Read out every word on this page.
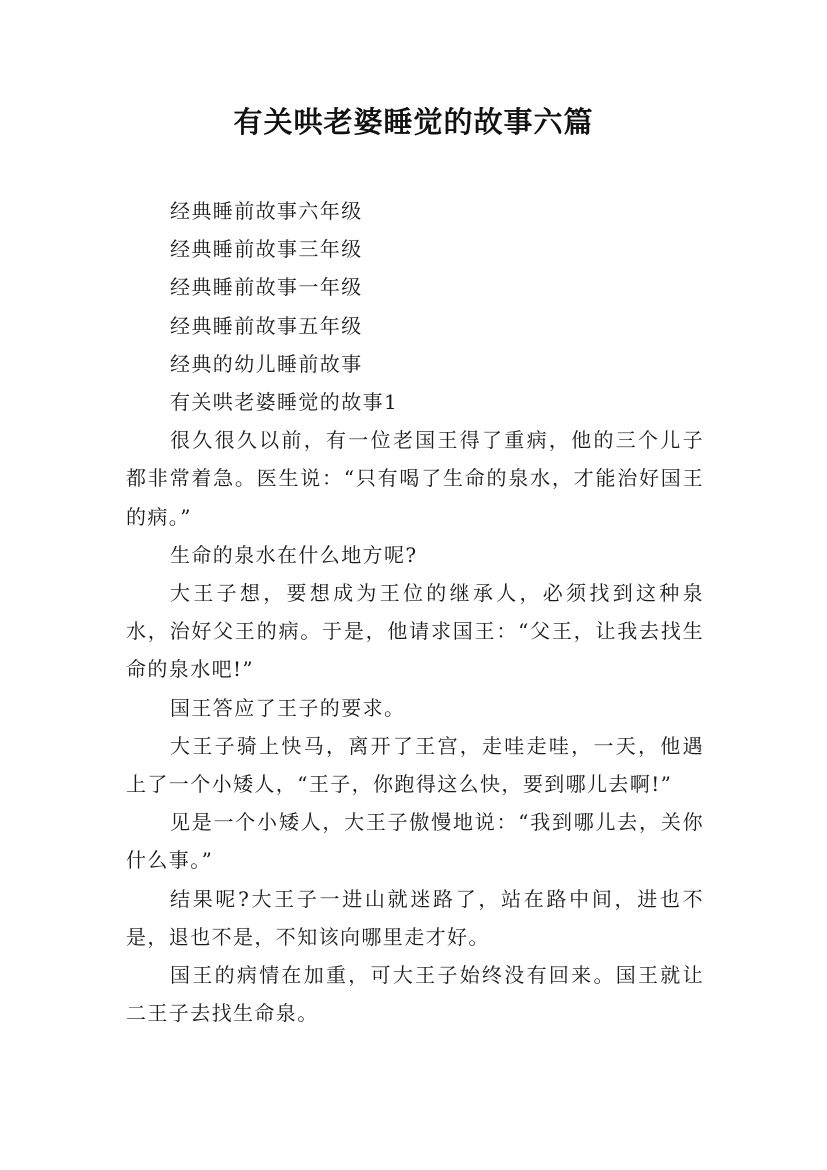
有关哄老婆睡觉的故事六篇

经典睡前故事六年级

经典睡前故事三年级

经典睡前故事一年级

经典睡前故事五年级

经典的幼儿睡前故事

有关哄老婆睡觉的故事1

很久很久以前，有一位老国王得了重病，他的三个儿子都非常着急。医生说：“只有喝了生命的泉水，才能治好国王的病。”

生命的泉水在什么地方呢?

大王子想，要想成为王位的继承人，必须找到这种泉水，治好父王的病。于是，他请求国王：“父王，让我去找生命的泉水吧!”

国王答应了王子的要求。

大王子骑上快马，离开了王宫，走哇走哇，一天，他遇上了一个小矮人，“王子，你跑得这么快，要到哪儿去啊!”

见是一个小矮人，大王子傲慢地说：“我到哪儿去，关你什么事。”

结果呢?大王子一进山就迷路了，站在路中间，进也不是，退也不是，不知该向哪里走才好。

国王的病情在加重，可大王子始终没有回来。国王就让二王子去找生命泉。
